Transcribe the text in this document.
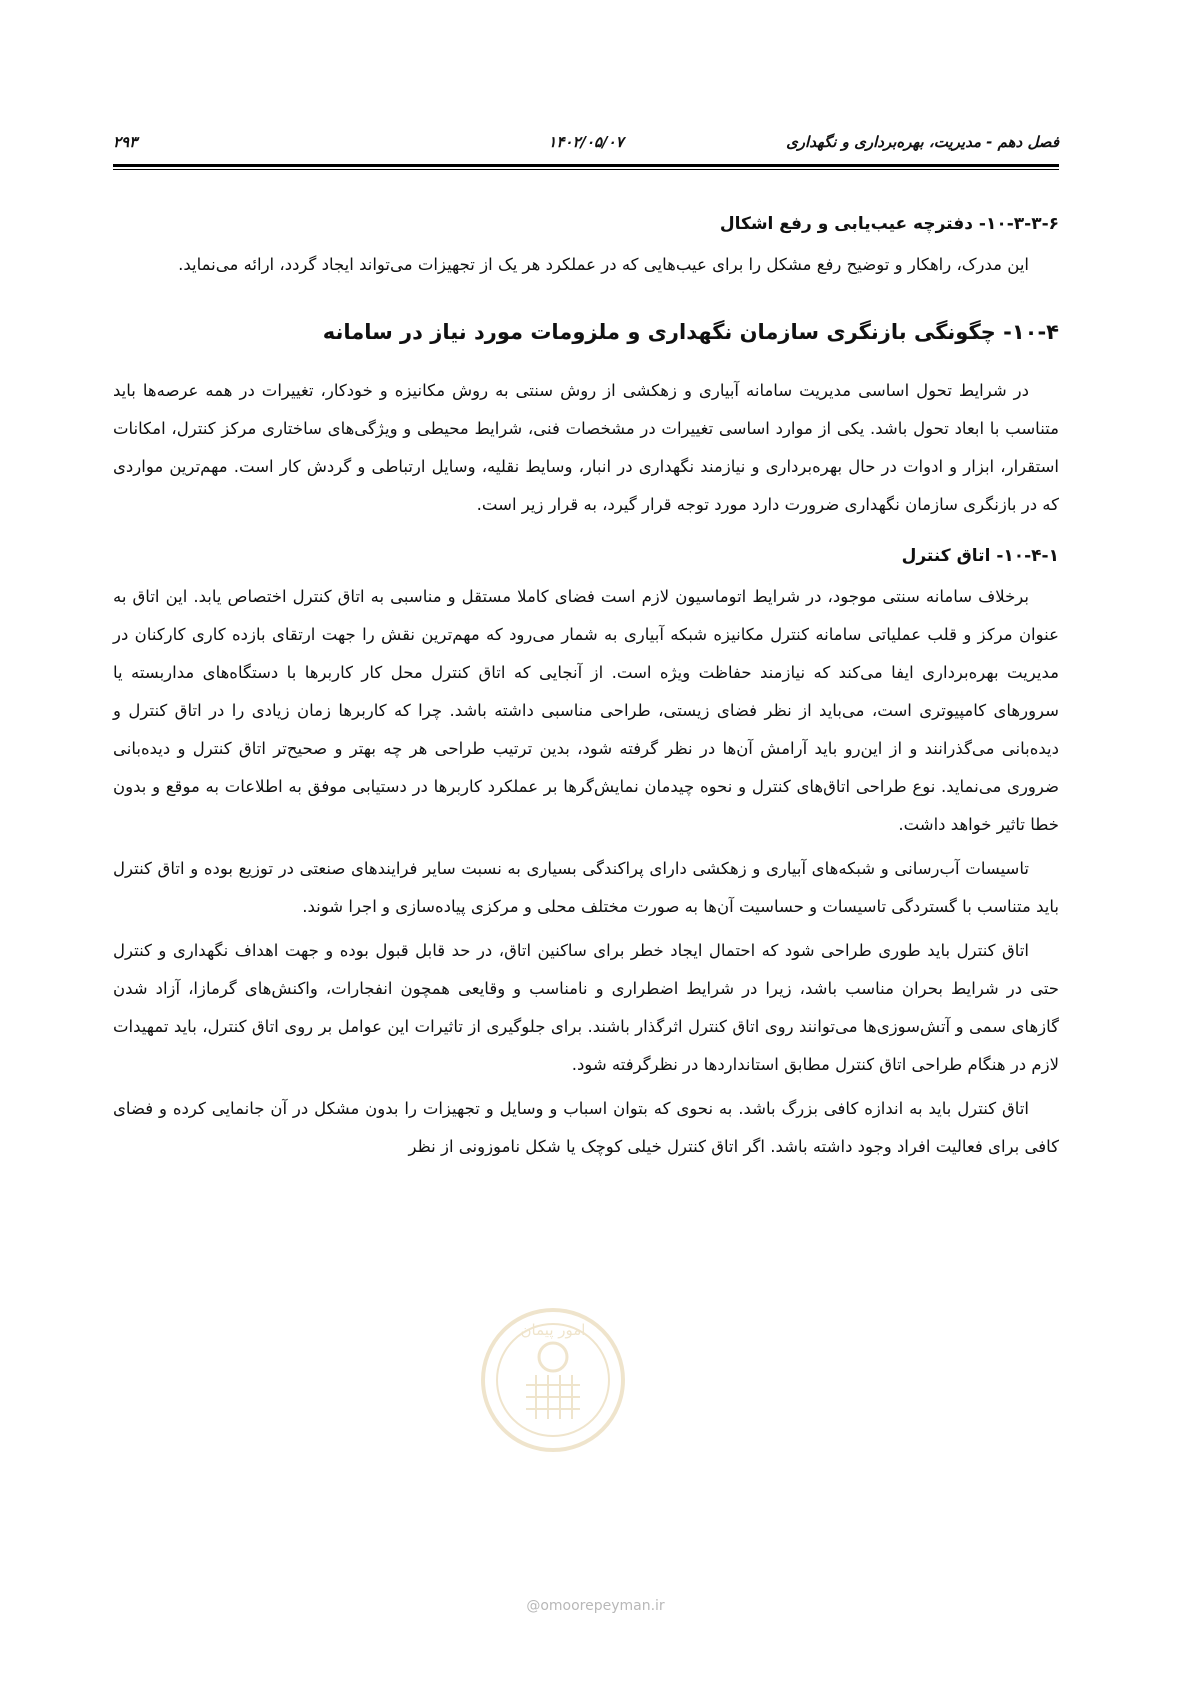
فصل دهم - مدیریت، بهره‌برداری و نگهداری
۱۴۰۲/۰۵/۰۷
۲۹۳
۱۰-۳-۳-۶- دفترچه عیب‌یابی و رفع اشکال

این مدرک، راهکار و توضیح رفع مشکل را برای عیب‌هایی که در عملکرد هر یک از تجهیزات می‌تواند ایجاد گردد، ارائه می‌نماید.

۱۰-۴- چگونگی بازنگری سازمان نگهداری و ملزومات مورد نیاز در سامانه

در شرایط تحول اساسی مدیریت سامانه آبیاری و زهکشی از روش سنتی به روش مکانیزه و خودکار، تغییرات در همه عرصه‌ها باید متناسب با ابعاد تحول باشد. یکی از موارد اساسی تغییرات در مشخصات فنی، شرایط محیطی و ویژگی‌های ساختاری مرکز کنترل، امکانات استقرار، ابزار و ادوات در حال بهره‌برداری و نیازمند نگهداری در انبار، وسایط نقلیه، وسایل ارتباطی و گردش کار است. مهم‌ترین مواردی که در بازنگری سازمان نگهداری ضرورت دارد مورد توجه قرار گیرد، به قرار زیر است.

۱۰-۴-۱- اتاق کنترل

برخلاف سامانه سنتی موجود، در شرایط اتوماسیون لازم است فضای کاملا مستقل و مناسبی به اتاق کنترل اختصاص یابد. این اتاق به عنوان مرکز و قلب عملیاتی سامانه کنترل مکانیزه شبکه آبیاری به شمار می‌رود که مهم‌ترین نقش را جهت ارتقای بازده کاری کارکنان در مدیریت بهره‌برداری ایفا می‌کند که نیازمند حفاظت ویژه است. از آنجایی که اتاق کنترل محل کار کاربرها با دستگاه‌های مداربسته یا سرورهای کامپیوتری است، می‌باید از نظر فضای زیستی، طراحی مناسبی داشته باشد. چرا که کاربرها زمان زیادی را در اتاق کنترل و دیده‌بانی می‌گذرانند و از این‌رو باید آرامش آن‌ها در نظر گرفته شود، بدین ترتیب طراحی هر چه بهتر و صحیح‌تر اتاق کنترل و دیده‌بانی ضروری می‌نماید. نوع طراحی اتاق‌های کنترل و نحوه چیدمان نمایش‌گرها بر عملکرد کاربرها در دستیابی موفق به اطلاعات به موقع و بدون خطا تاثیر خواهد داشت.

تاسیسات آب‌رسانی و شبکه‌های آبیاری و زهکشی دارای پراکندگی بسیاری به نسبت سایر فرایندهای صنعتی در توزیع بوده و اتاق کنترل باید متناسب با گستردگی تاسیسات و حساسیت آن‌ها به صورت مختلف محلی و مرکزی پیاده‌سازی و اجرا شوند.

اتاق کنترل باید طوری طراحی شود که احتمال ایجاد خطر برای ساکنین اتاق، در حد قابل قبول بوده و جهت اهداف نگهداری و کنترل حتی در شرایط بحران مناسب باشد، زیرا در شرایط اضطراری و نامناسب و وقایعی همچون انفجارات، واکنش‌های گرمازا، آزاد شدن گازهای سمی و آتش‌سوزی‌ها می‌توانند روی اتاق کنترل اثرگذار باشند. برای جلوگیری از تاثیرات این عوامل بر روی اتاق کنترل، باید تمهیدات لازم در هنگام طراحی اتاق کنترل مطابق استانداردها در نظرگرفته شود.

اتاق کنترل باید به اندازه کافی بزرگ باشد. به نحوی که بتوان اسباب و وسایل و تجهیزات را بدون مشکل در آن جانمایی کرده و فضای کافی برای فعالیت افراد وجود داشته باشد. اگر اتاق کنترل خیلی کوچک یا شکل ناموزونی از نظر

امور پیمان
@omoorepeyman.ir
